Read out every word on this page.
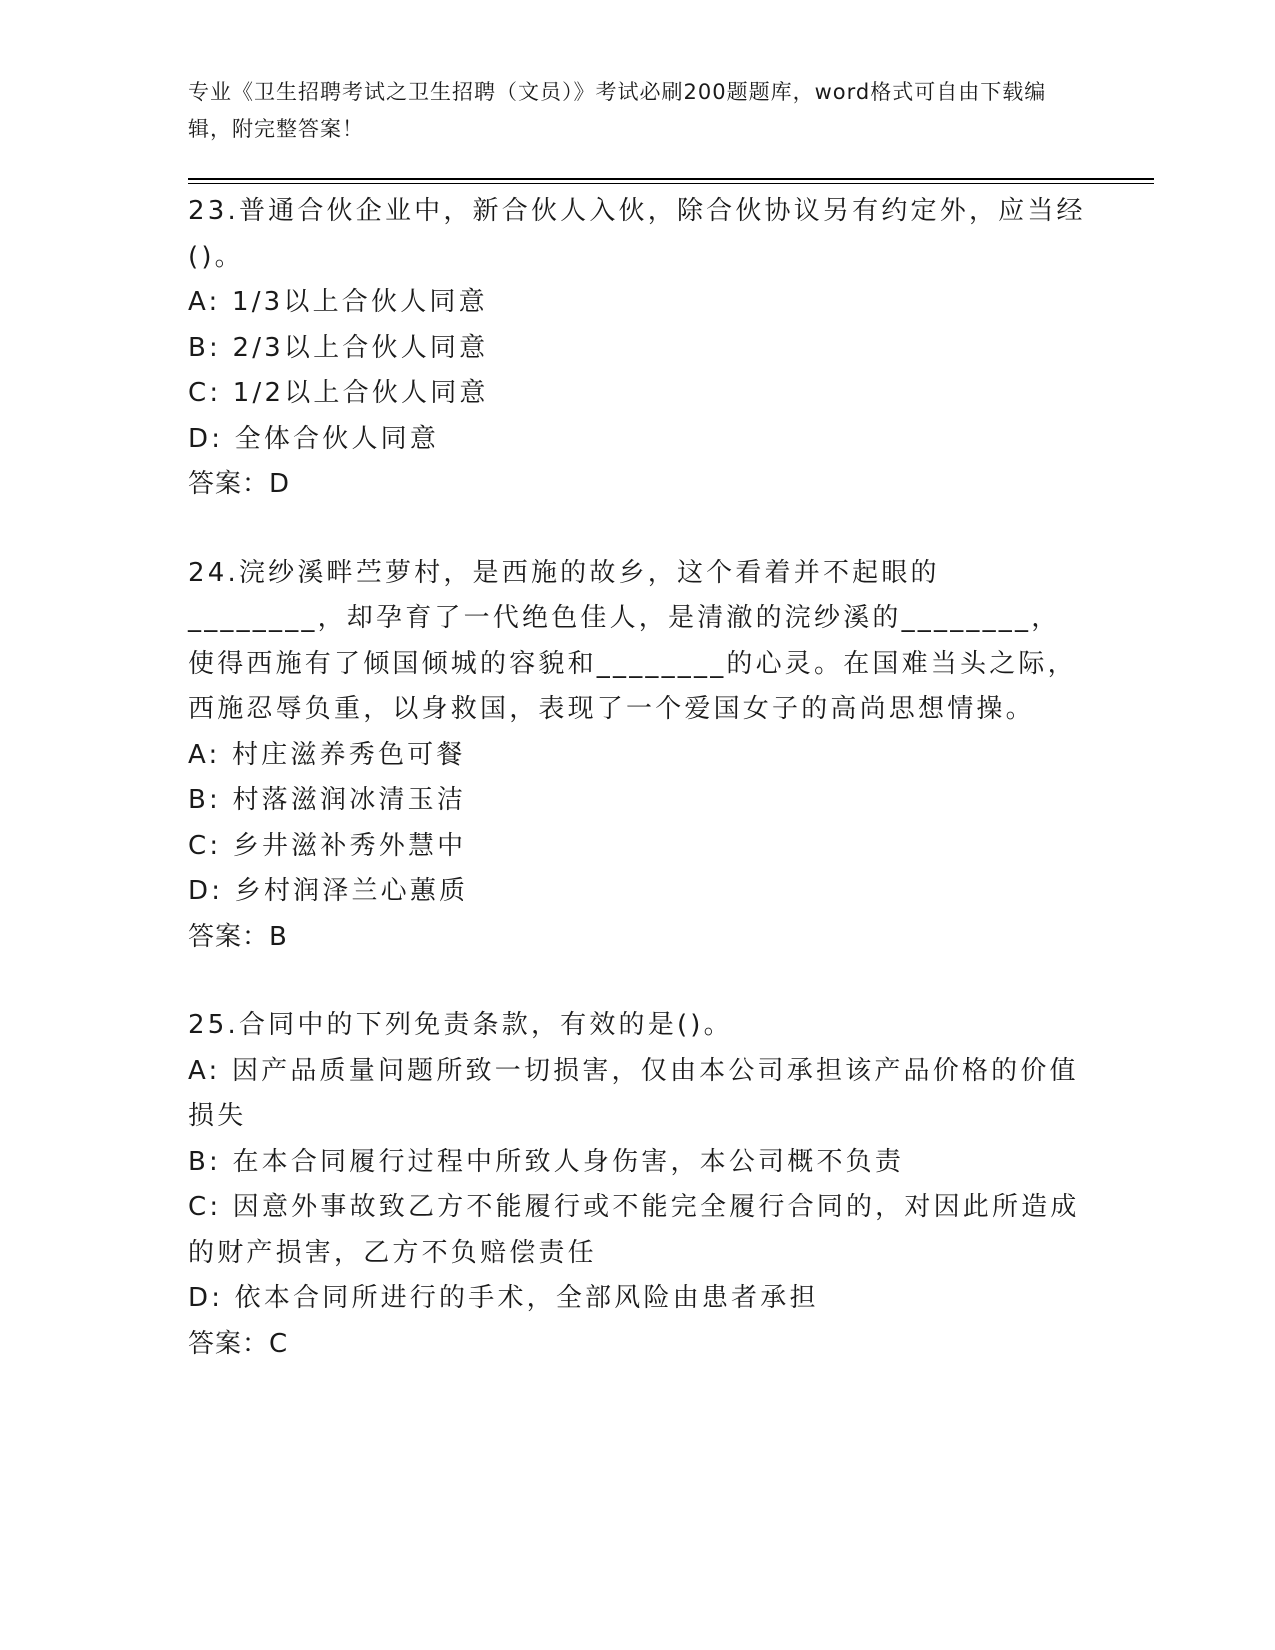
专业《卫生招聘考试之卫生招聘（文员）》考试必刷200题题库，word格式可自由下载编辑，附完整答案！

23.普通合伙企业中，新合伙人入伙，除合伙协议另有约定外，应当经()。

A: 1/3以上合伙人同意

B: 2/3以上合伙人同意

C: 1/2以上合伙人同意

D: 全体合伙人同意

答案：D

24.浣纱溪畔苎萝村，是西施的故乡，这个看着并不起眼的________，却孕育了一代绝色佳人，是清澈的浣纱溪的________，使得西施有了倾国倾城的容貌和________的心灵。在国难当头之际，西施忍辱负重，以身救国，表现了一个爱国女子的高尚思想情操。

A: 村庄滋养秀色可餐

B: 村落滋润冰清玉洁

C: 乡井滋补秀外慧中

D: 乡村润泽兰心蕙质

答案：B

25.合同中的下列免责条款，有效的是()。

A: 因产品质量问题所致一切损害，仅由本公司承担该产品价格的价值损失

B: 在本合同履行过程中所致人身伤害，本公司概不负责

C: 因意外事故致乙方不能履行或不能完全履行合同的，对因此所造成的财产损害，乙方不负赔偿责任

D: 依本合同所进行的手术，全部风险由患者承担

答案：C
